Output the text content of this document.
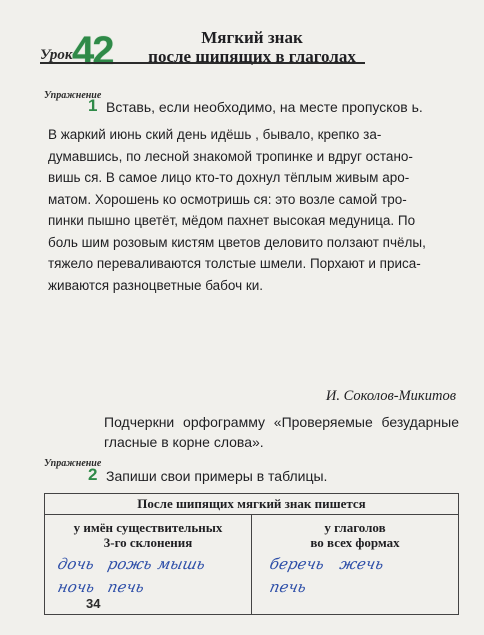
Урок 42	Мягкий знак
после шипящих в глаголах
Упражнение
1 Вставь, если необходимо, на месте пропусков ь.
В жаркий июнь ский день идёшь , бывало, крепко за-
думавшись, по лесной знакомой тропинке и вдруг остано-
вишь ся. В самое лицо кто-то дохнул тёплым живым аро-
матом. Хорошень ко осмотришь ся: это возле самой тро-
пинки пышно цветёт, мёдом пахнет высокая медуница. По
боль шим розовым кистям цветов деловито ползают пчёлы,
тяжело переваливаются толстые шмели. Порхают и приса-
живаются разноцветные бабоч ки.
И. Соколов-Микитов
Подчеркни орфограмму «Проверяемые безударные гласные в корне слова».
Упражнение
2 Запиши свои примеры в таблицы.
После шипящих мягкий знак пишется
у имён существительных
3-го склонения
у глаголов
во всех формах
дочь рожь мышь
ночь печь
беречь жечь
печь
34
